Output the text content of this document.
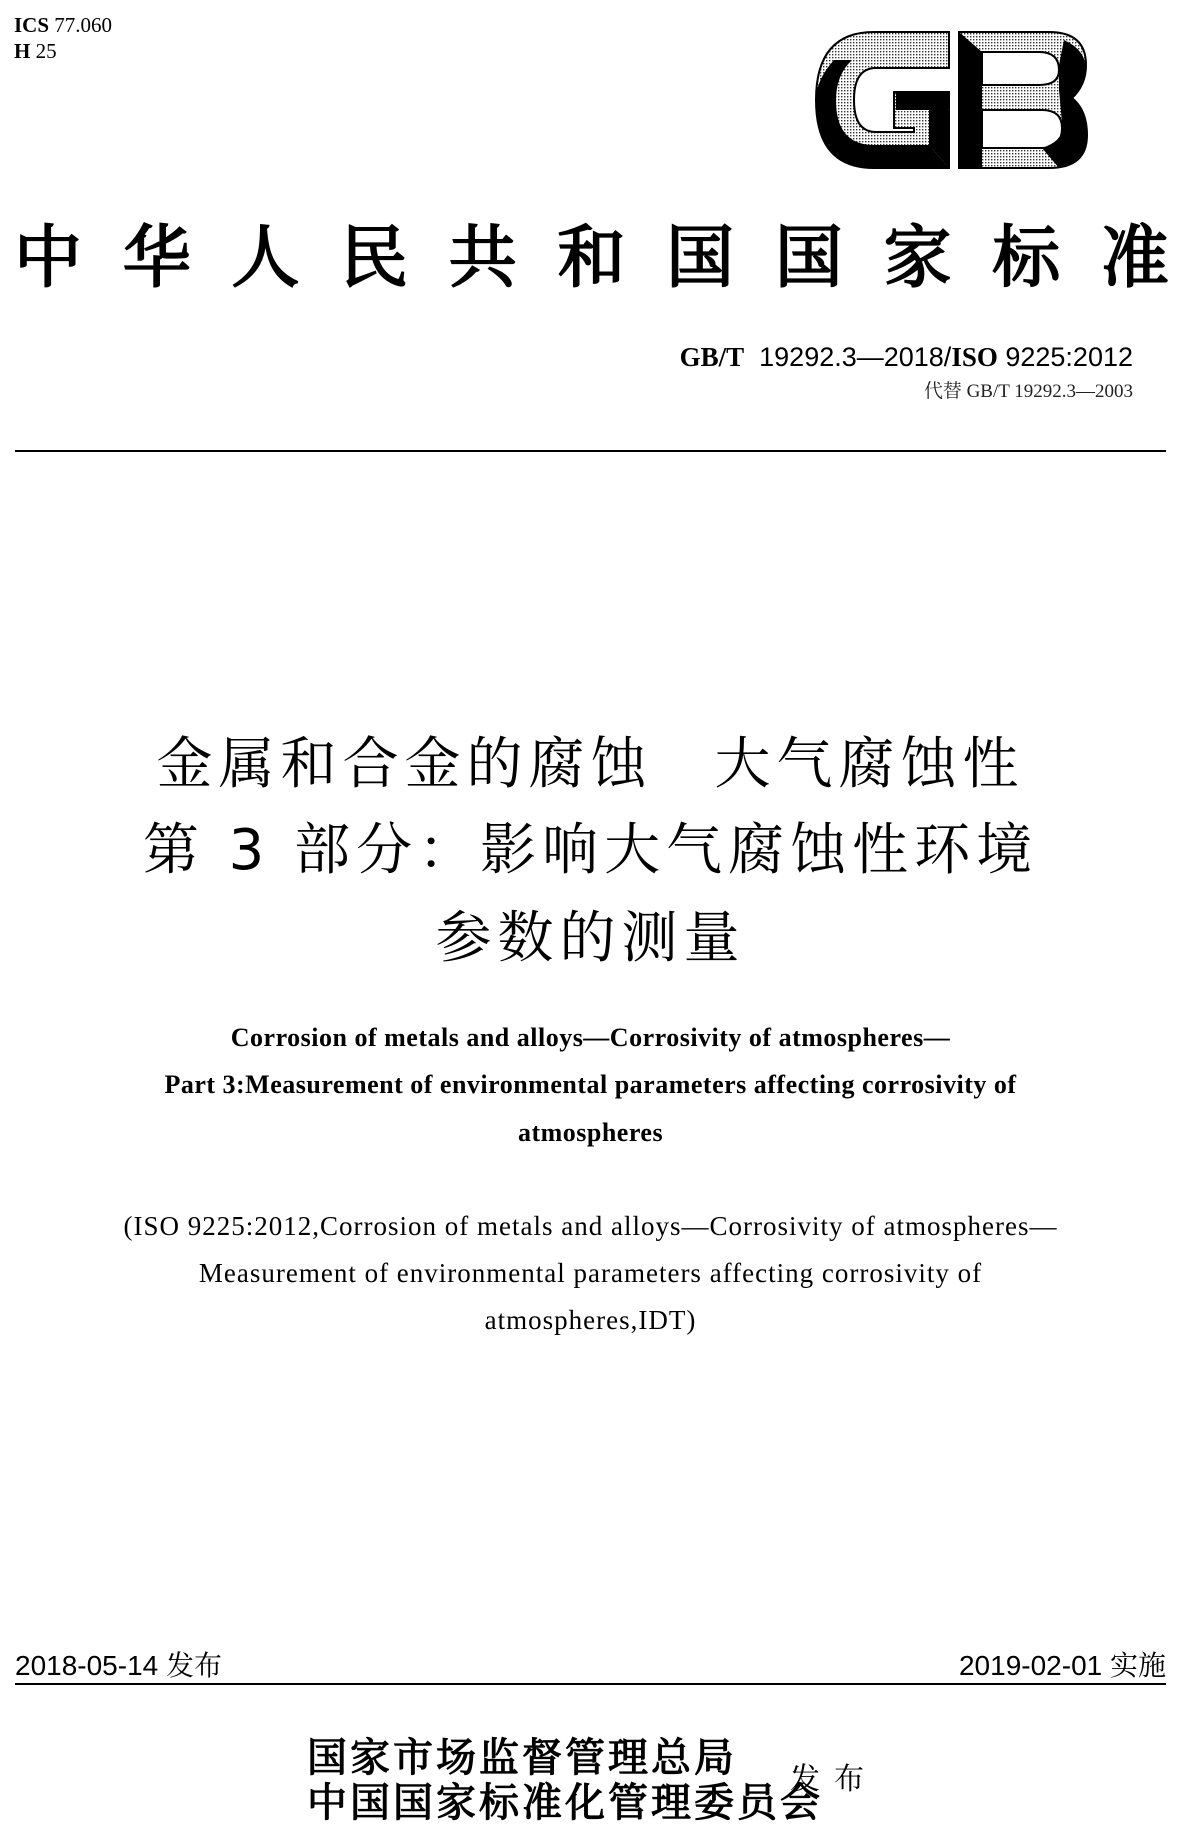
ICS 77.060
H 25
GB
中 华 人 民 共 和 国 国 家 标 准
GB/T 19292.3—2018/ISO 9225:2012
代替 GB/T 19292.3—2003
金属和合金的腐蚀　大气腐蚀性
第 3 部分：影响大气腐蚀性环境
参数的测量
Corrosion of metals and alloys—Corrosivity of atmospheres—
Part 3:Measurement of environmental parameters affecting corrosivity of
atmospheres
(ISO 9225:2012,Corrosion of metals and alloys—Corrosivity of atmospheres—
Measurement of environmental parameters affecting corrosivity of
atmospheres,IDT)
2018-05-14 发布	2019-02-01 实施
国家市场监督管理总局
中国国家标准化管理委员会
发布
